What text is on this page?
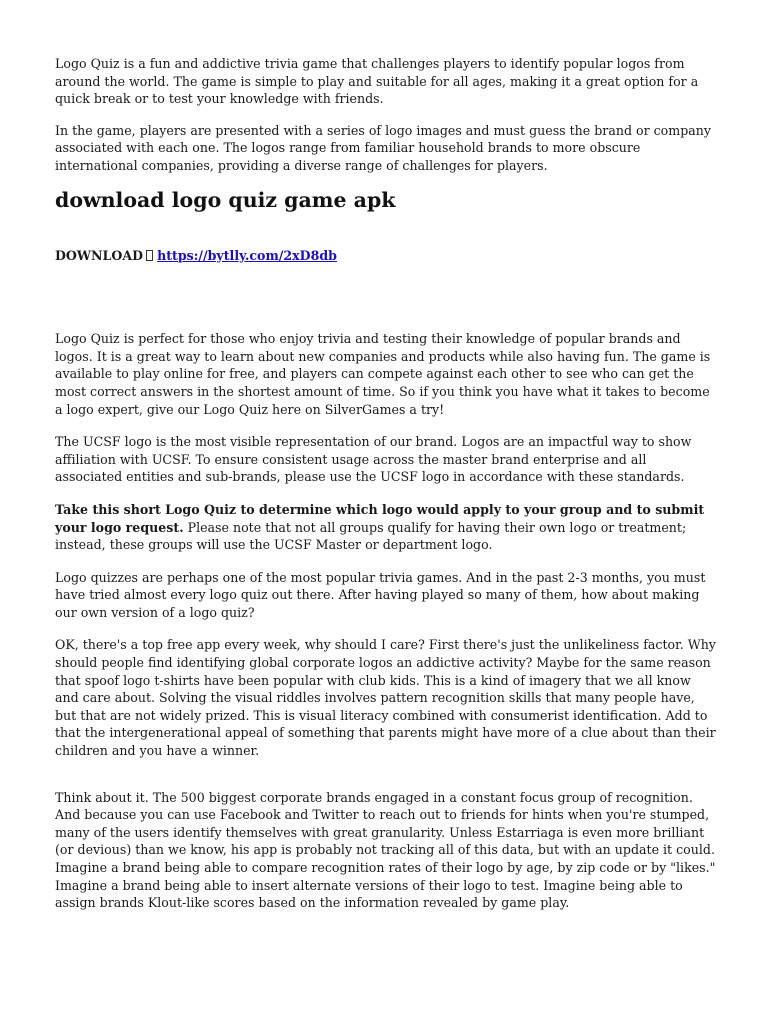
Logo Quiz is a fun and addictive trivia game that challenges players to identify popular logos from around the world. The game is simple to play and suitable for all ages, making it a great option for a quick break or to test your knowledge with friends.

In the game, players are presented with a series of logo images and must guess the brand or company associated with each one. The logos range from familiar household brands to more obscure international companies, providing a diverse range of challenges for players.

download logo quiz game apk
DOWNLOAD https://bytlly.com/2xD8db

Logo Quiz is perfect for those who enjoy trivia and testing their knowledge of popular brands and logos. It is a great way to learn about new companies and products while also having fun. The game is available to play online for free, and players can compete against each other to see who can get the most correct answers in the shortest amount of time. So if you think you have what it takes to become a logo expert, give our Logo Quiz here on SilverGames a try!

The UCSF logo is the most visible representation of our brand. Logos are an impactful way to show affiliation with UCSF. To ensure consistent usage across the master brand enterprise and all associated entities and sub-brands, please use the UCSF logo in accordance with these standards.

Take this short Logo Quiz to determine which logo would apply to your group and to submit your logo request. Please note that not all groups qualify for having their own logo or treatment; instead, these groups will use the UCSF Master or department logo.

Logo quizzes are perhaps one of the most popular trivia games. And in the past 2-3 months, you must have tried almost every logo quiz out there. After having played so many of them, how about making our own version of a logo quiz?

OK, there's a top free app every week, why should I care? First there's just the unlikeliness factor. Why should people find identifying global corporate logos an addictive activity? Maybe for the same reason that spoof logo t-shirts have been popular with club kids. This is a kind of imagery that we all know and care about. Solving the visual riddles involves pattern recognition skills that many people have, but that are not widely prized. This is visual literacy combined with consumerist identification. Add to that the intergenerational appeal of something that parents might have more of a clue about than their children and you have a winner.

Think about it. The 500 biggest corporate brands engaged in a constant focus group of recognition. And because you can use Facebook and Twitter to reach out to friends for hints when you're stumped, many of the users identify themselves with great granularity. Unless Estarriaga is even more brilliant (or devious) than we know, his app is probably not tracking all of this data, but with an update it could. Imagine a brand being able to compare recognition rates of their logo by age, by zip code or by "likes." Imagine a brand being able to insert alternate versions of their logo to test. Imagine being able to assign brands Klout-like scores based on the information revealed by game play.
